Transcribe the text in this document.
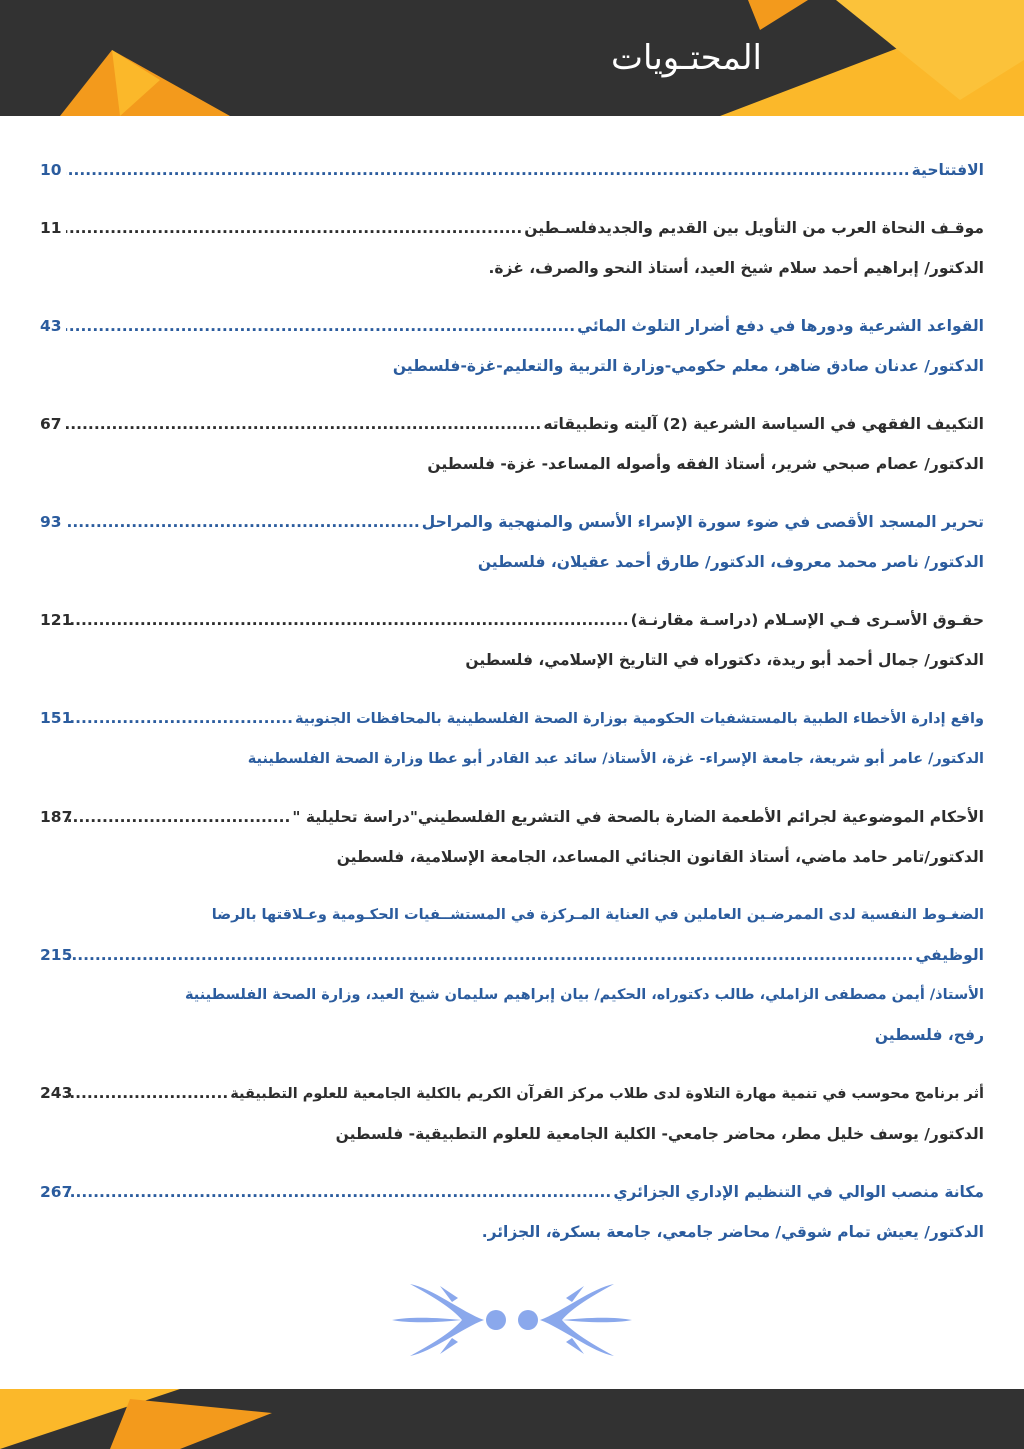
المحتـويات
الافتتاحية
.....
10
موقـف النحاة العرب من التأويل بين القديم والجديدفلسـطين
.....
11
الدكتور/ إبراهيم أحمد سلام شيخ العيد، أستاذ النحو والصرف، غزة.
القواعد الشرعية ودورها في دفع أضرار التلوث المائي
.....
43
الدكتور/ عدنان صادق ضاهر، معلم حكومي-وزارة التربية والتعليم-غزة-فلسطين
التكييف الفقهي في السياسة الشرعية (2) آليته وتطبيقاته
.....
67
الدكتور/ عصام صبحي شرير، أستاذ الفقه وأصوله المساعد- غزة- فلسطين
تحرير المسجد الأقصى في ضوء سورة الإسراء الأسس والمنهجية والمراحل
.....
93
الدكتور/ ناصر محمد معروف، الدكتور/ طارق أحمد عقيلان، فلسطين
حقـوق الأسـرى فـي الإسـلام (دراسـة مقارنـة)
.....
121
الدكتور/ جمال أحمد أبو ريدة، دكتوراه في التاريخ الإسلامي، فلسطين
واقع إدارة الأخطاء الطبية بالمستشفيات الحكومية بوزارة الصحة الفلسطينية بالمحافظات الجنوبية
.....
151
الدكتور/ عامر أبو شريعة، جامعة الإسراء- غزة، الأستاذ/ سائد عبد القادر أبو عطا وزارة الصحة الفلسطينية
الأحكام الموضوعية لجرائم الأطعمة الضارة بالصحة في التشريع الفلسطيني"دراسة تحليلية "
.....
187
الدكتور/تامر حامد ماضي، أستاذ القانون الجنائي المساعد، الجامعة الإسلامية، فلسطين
الضغـوط النفسية لدى الممرضـين العاملين في العناية المـركزة في المستشــفيات الحكـومية وعـلاقتها بالرضا
الوظيفي
.....
215
الأستاذ/ أيمن مصطفى الزاملي، طالب دكتوراه، الحكيم/ بيان إبراهيم سليمان شيخ العيد، وزارة الصحة الفلسطينية
رفح، فلسطين
أثر برنامج محوسب في تنمية مهارة التلاوة لدى طلاب مركز القرآن الكريم بالكلية الجامعية للعلوم التطبيقية
.....
243
الدكتور/ يوسف خليل مطر، محاضر جامعي- الكلية الجامعية للعلوم التطبيقية- فلسطين
مكانة منصب الوالي في التنظيم الإداري الجزائري
.....
267
الدكتور/ يعيش تمام شوقي/ محاضر جامعي، جامعة بسكرة، الجزائر.
